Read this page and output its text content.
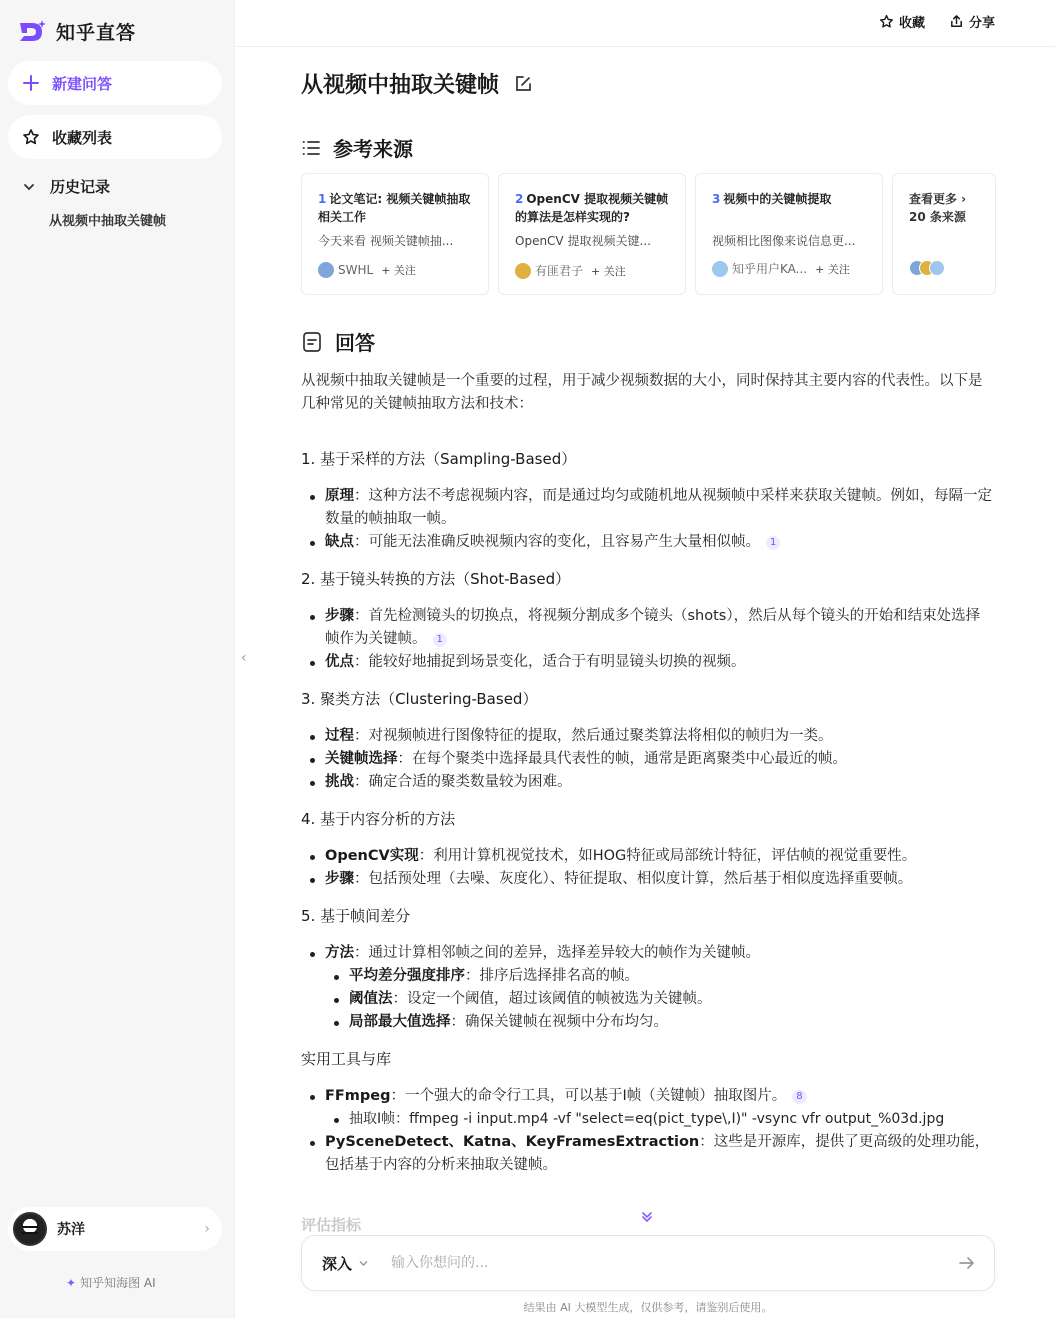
知乎直答
新建问答
收藏列表
历史记录
从视频中抽取关键帧
苏洋	›
✦ 知乎知海图 AI
‹
收藏	分享
从视频中抽取关键帧
参考来源
1 论文笔记: 视频关键帧抽取相关工作
今天来看 视频关键帧抽...
SWHL + 关注
2 OpenCV 提取视频关键帧的算法是怎样实现的?
OpenCV 提取视频关键...
有匪君子 + 关注
3 视频中的关键帧提取
视频相比图像来说信息更...
知乎用户KA... + 关注
查看更多 ›
20 条来源
回答

从视频中抽取关键帧是一个重要的过程，用于减少视频数据的大小，同时保持其主要内容的代表性。以下是几种常见的关键帧抽取方法和技术：

1. 基于采样的方法（Sampling-Based）
原理：这种方法不考虑视频内容，而是通过均匀或随机地从视频帧中采样来获取关键帧。例如，每隔一定数量的帧抽取一帧。
缺点：可能无法准确反映视频内容的变化，且容易产生大量相似帧。 1
2. 基于镜头转换的方法（Shot-Based）
步骤：首先检测镜头的切换点，将视频分割成多个镜头（shots），然后从每个镜头的开始和结束处选择帧作为关键帧。 1
优点：能较好地捕捉到场景变化，适合于有明显镜头切换的视频。
3. 聚类方法（Clustering-Based）
过程：对视频帧进行图像特征的提取，然后通过聚类算法将相似的帧归为一类。
关键帧选择：在每个聚类中选择最具代表性的帧，通常是距离聚类中心最近的帧。
挑战：确定合适的聚类数量较为困难。
4. 基于内容分析的方法
OpenCV实现：利用计算机视觉技术，如HOG特征或局部统计特征，评估帧的视觉重要性。
步骤：包括预处理（去噪、灰度化）、特征提取、相似度计算，然后基于相似度选择重要帧。
5. 基于帧间差分
方法：通过计算相邻帧之间的差异，选择差异较大的帧作为关键帧。
平均差分强度排序：排序后选择排名高的帧。
阈值法：设定一个阈值，超过该阈值的帧被选为关键帧。
局部最大值选择：确保关键帧在视频中分布均匀。
实用工具与库
FFmpeg：一个强大的命令行工具，可以基于I帧（关键帧）抽取图片。 8
抽取I帧：ffmpeg -i input.mp4 -vf "select=eq(pict_type\,I)" -vsync vfr output_%03d.jpg
PySceneDetect、Katna、KeyFramesExtraction：这些是开源库，提供了更高级的处理功能，包括基于内容的分析来抽取关键帧。
评估指标
深入
输入你想问的...
结果由 AI 大模型生成，仅供参考，请鉴别后使用。
